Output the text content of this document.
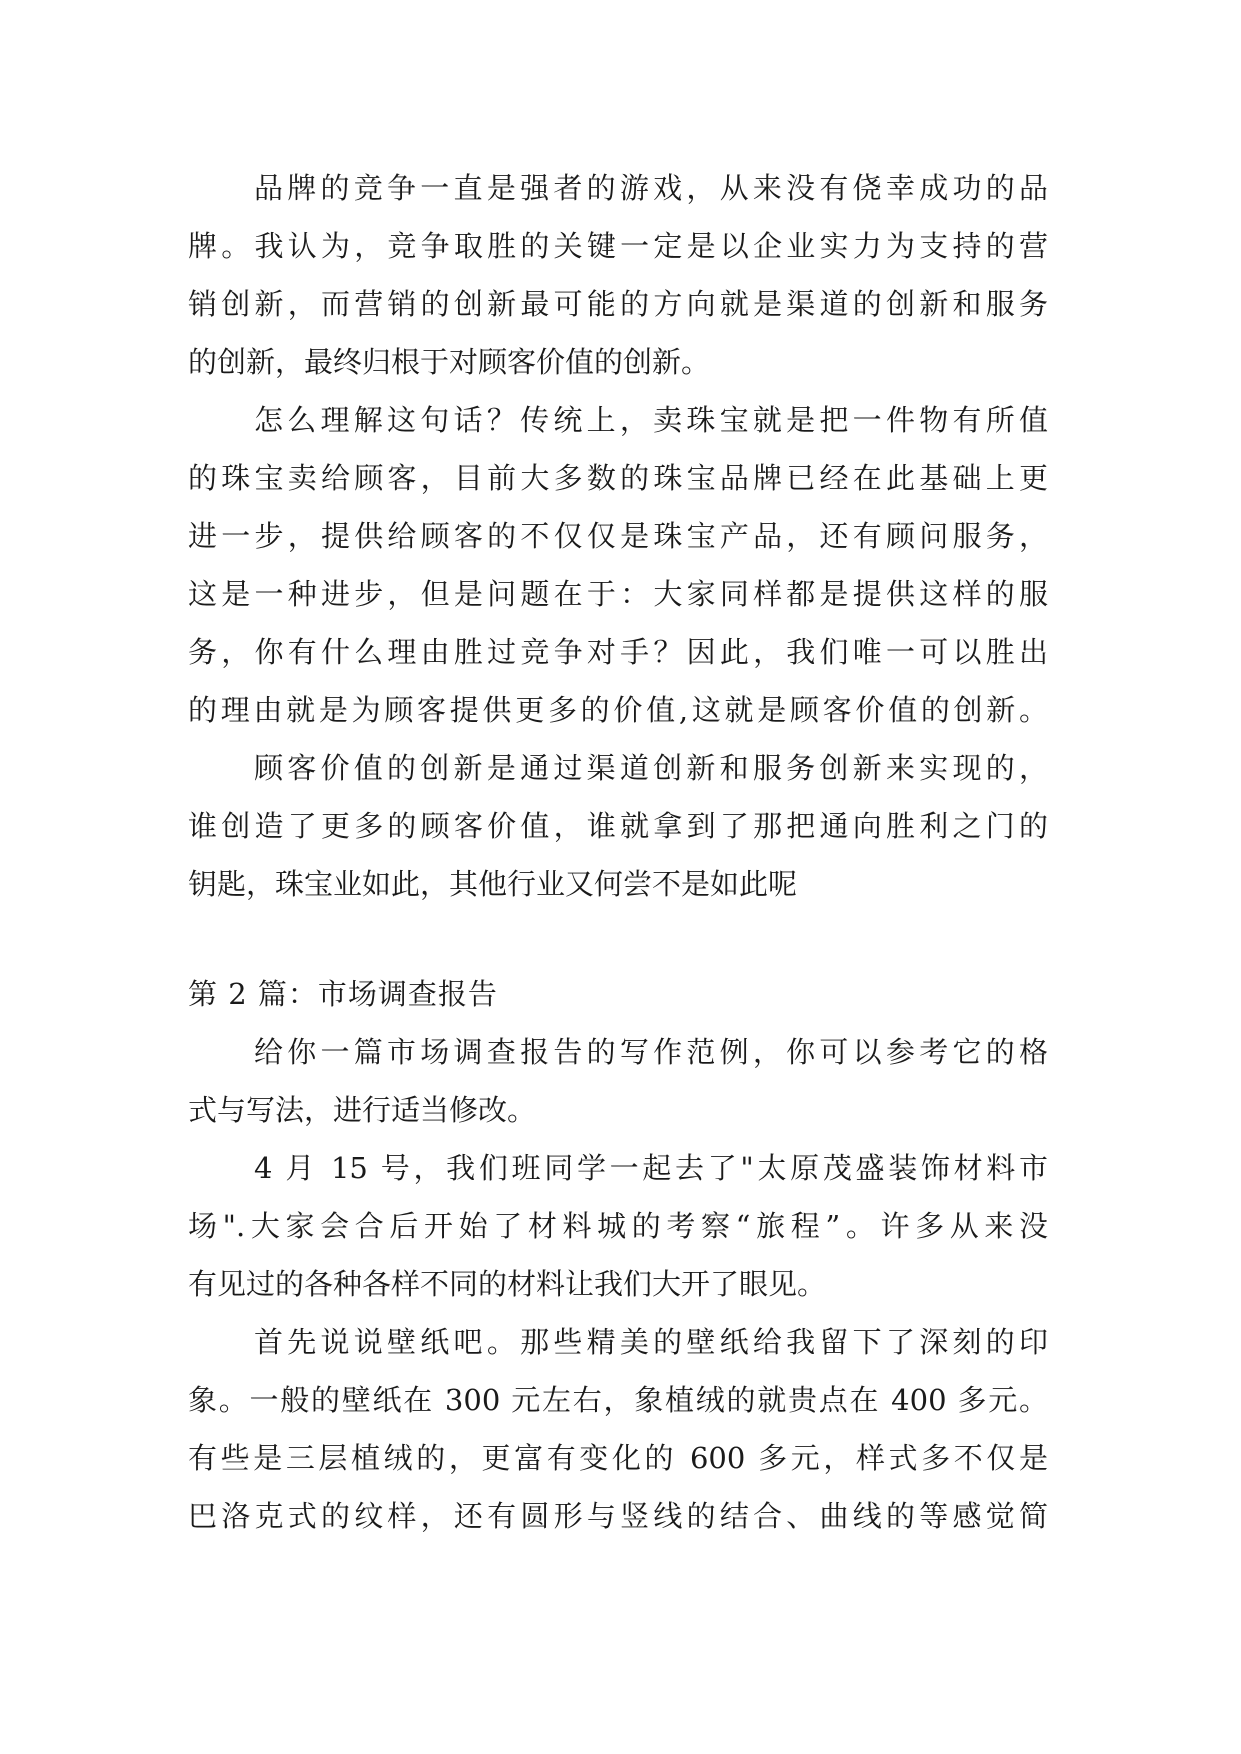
品牌的竞争一直是强者的游戏，从来没有侥幸成功的品

牌。我认为，竞争取胜的关键一定是以企业实力为支持的营

销创新，而营销的创新最可能的方向就是渠道的创新和服务

的创新，最终归根于对顾客价值的创新。

怎么理解这句话？传统上，卖珠宝就是把一件物有所值

的珠宝卖给顾客，目前大多数的珠宝品牌已经在此基础上更

进一步，提供给顾客的不仅仅是珠宝产品，还有顾问服务，

这是一种进步，但是问题在于：大家同样都是提供这样的服

务，你有什么理由胜过竞争对手？因此，我们唯一可以胜出

的理由就是为顾客提供更多的价值,这就是顾客价值的创新。

顾客价值的创新是通过渠道创新和服务创新来实现的，

谁创造了更多的顾客价值，谁就拿到了那把通向胜利之门的

钥匙，珠宝业如此，其他行业又何尝不是如此呢

第 2 篇：市场调查报告

给你一篇市场调查报告的写作范例，你可以参考它的格

式与写法，进行适当修改。

4 月 15 号，我们班同学一起去了"太原茂盛装饰材料市

场".大家会合后开始了材料城的考察“旅程”。许多从来没

有见过的各种各样不同的材料让我们大开了眼见。

首先说说壁纸吧。那些精美的壁纸给我留下了深刻的印

象。一般的壁纸在 300 元左右，象植绒的就贵点在 400 多元。

有些是三层植绒的，更富有变化的 600 多元，样式多不仅是

巴洛克式的纹样，还有圆形与竖线的结合、曲线的等感觉简
